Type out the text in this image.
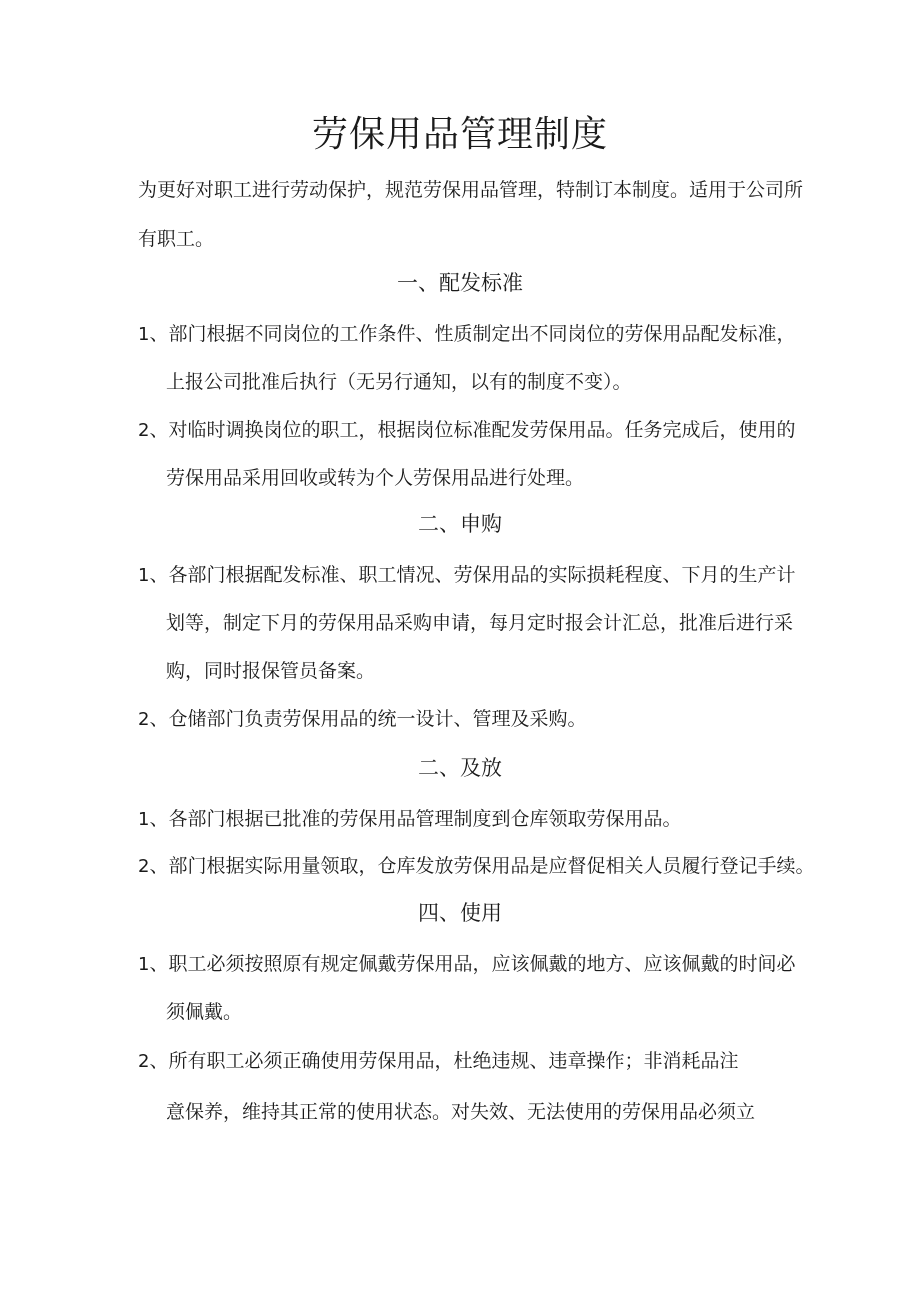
劳保用品管理制度

为更好对职工进行劳动保护，规范劳保用品管理，特制订本制度。适用于公司所

有职工。

一、配发标准

1、部门根据不同岗位的工作条件、性质制定出不同岗位的劳保用品配发标准，

上报公司批准后执行（无另行通知，以有的制度不变）。

2、对临时调换岗位的职工，根据岗位标准配发劳保用品。任务完成后，使用的

劳保用品采用回收或转为个人劳保用品进行处理。

二、申购

1、各部门根据配发标准、职工情况、劳保用品的实际损耗程度、下月的生产计

划等，制定下月的劳保用品采购申请，每月定时报会计汇总，批准后进行采

购，同时报保管员备案。

2、仓储部门负责劳保用品的统一设计、管理及采购。

二、及放

1、各部门根据已批准的劳保用品管理制度到仓库领取劳保用品。

2、部门根据实际用量领取，仓库发放劳保用品是应督促相关人员履行登记手续。

四、使用

1、职工必须按照原有规定佩戴劳保用品，应该佩戴的地方、应该佩戴的时间必

须佩戴。

2、所有职工必须正确使用劳保用品，杜绝违规、违章操作；非消耗品注

意保养，维持其正常的使用状态。对失效、无法使用的劳保用品必须立
